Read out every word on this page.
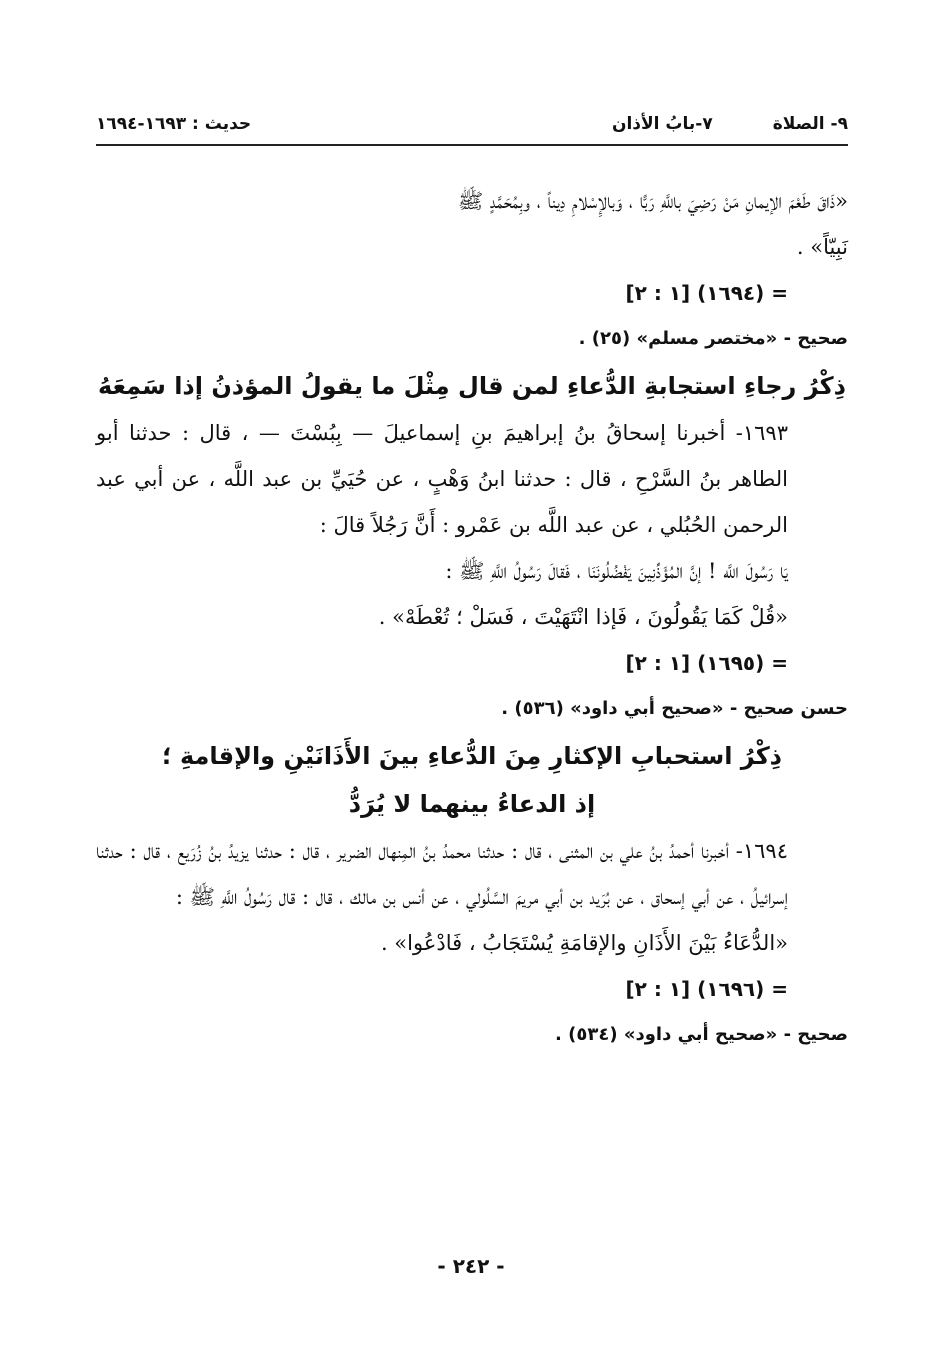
حديث : ١٦٩٣-١٦٩٤	٧-بابُ الأذان	٩- الصلاة

«ذَاقَ طَعْمَ الإيمانِ مَنْ رَضِيَ باللَّهِ رَبًّا ، وَبالإِسْلامِ دِيناً ، وبِمُحَمَّدٍ ﷺ

نَبِيّاً» .

= (١٦٩٤) [١ : ٢]

صحيح - «مختصر مسلم» (٢٥) .

ذِكْرُ رجاءِ استجابةِ الدُّعاءِ لمن قال مِثْلَ ما يقولُ المؤذنُ إذا سَمِعَهُ

١٦٩٣- أخبرنا إسحاقُ بنُ إبراهيمَ بنِ إسماعيلَ — بِبُسْتَ — ، قال : حدثنا أبو الطاهر بنُ السَّرْحِ ، قال : حدثنا ابنُ وَهْبٍ ، عن حُيَيِّ بن عبد اللَّه ، عن أبي عبد الرحمن الحُبُلي ، عن عبد اللَّه بن عَمْرو : أَنَّ رَجُلاً قالَ :

يَا رَسُولَ اللَّه ! إنَّ المُؤَذِّنِينَ يَفْضُلُونَنَا ، فَقالَ رَسُولُ اللَّهِ ﷺ :

«قُلْ كَمَا يَقُولُونَ ، فَإذا انْتَهَيْتَ ، فَسَلْ ؛ تُعْطَهْ» .

= (١٦٩٥) [١ : ٢]

حسن صحيح - «صحيح أبي داود» (٥٣٦) .

ذِكْرُ استحبابِ الإكثارِ مِنَ الدُّعاءِ بينَ الأَذَانَيْنِ والإقامةِ ؛

إذ الدعاءُ بينهما لا يُرَدُّ

١٦٩٤- أخبرنا أحمدُ بنُ علي بن المثنى ، قال : حدثنا محمدُ بنُ المِنهال الضرير ، قال : حدثنا يزيدُ بنُ زُرَيع ، قال : حدثنا إسرائيلُ ، عن أبي إسحاق ، عن بُرَيد بن أبي مريمَ السَّلُولي ، عن أنس بن مالك ، قال : قال رَسُولُ اللَّهِ ﷺ :

«الدُّعَاءُ بَيْنَ الأَذَانِ والإقامَةِ يُسْتَجَابُ ، فَادْعُوا» .

= (١٦٩٦) [١ : ٢]

صحيح - «صحيح أبي داود» (٥٣٤) .

- ٢٤٢ -
